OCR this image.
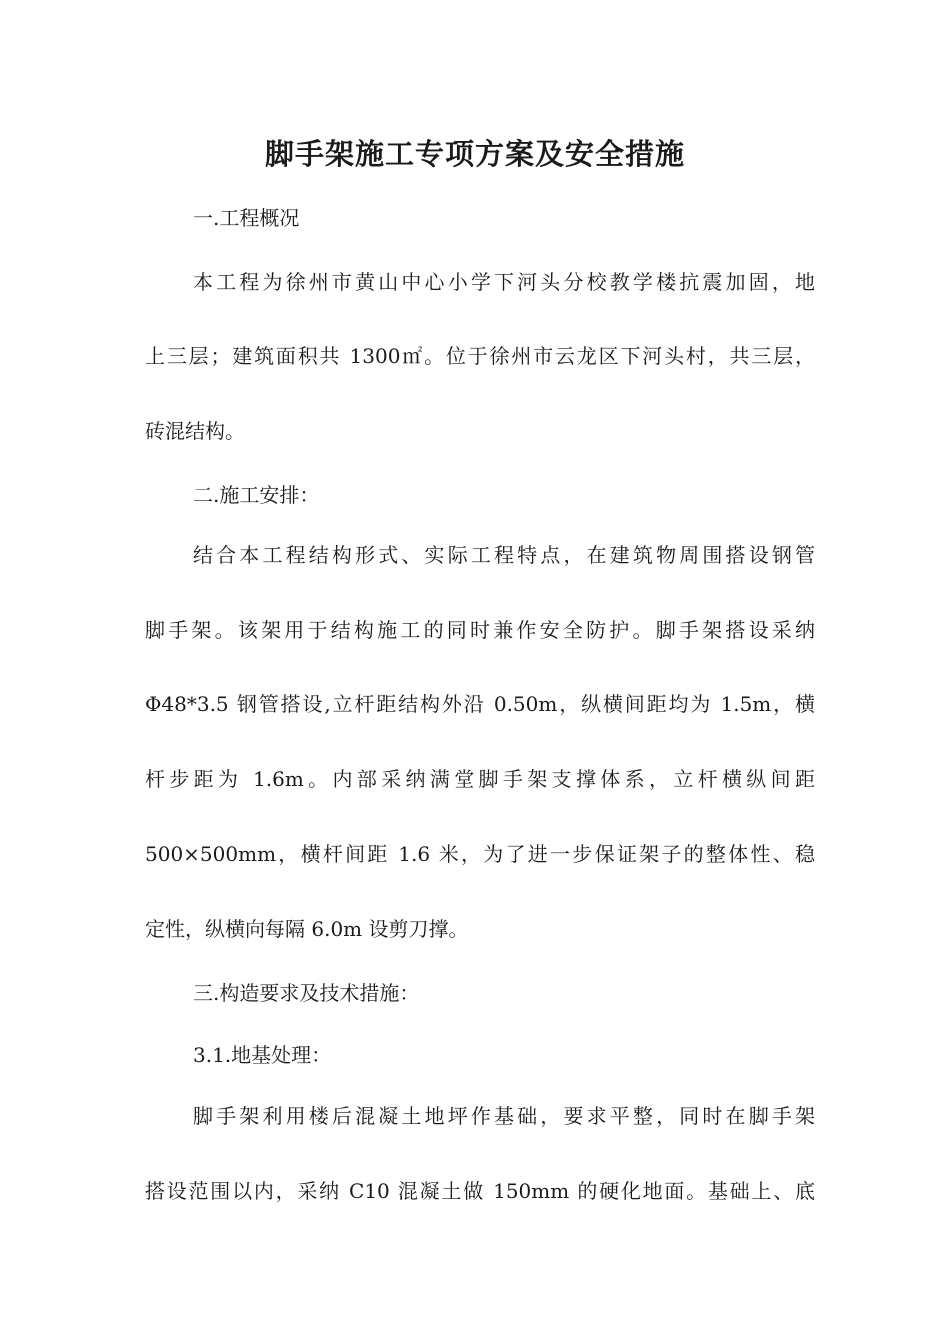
脚手架施工专项方案及安全措施

一.工程概况

本工程为徐州市黄山中心小学下河头分校教学楼抗震加固，地

上三层；建筑面积共 1300㎡。位于徐州市云龙区下河头村，共三层，

砖混结构。

二.施工安排：

结合本工程结构形式、实际工程特点，在建筑物周围搭设钢管

脚手架。该架用于结构施工的同时兼作安全防护。脚手架搭设采纳

Φ48*3.5 钢管搭设,立杆距结构外沿 0.50m，纵横间距均为 1.5m，横

杆步距为 1.6m。内部采纳满堂脚手架支撑体系，立杆横纵间距

500×500mm，横杆间距 1.6 米，为了进一步保证架子的整体性、稳

定性，纵横向每隔 6.0m 设剪刀撑。

三.构造要求及技术措施：

3.1.地基处理：

脚手架利用楼后混凝土地坪作基础，要求平整，同时在脚手架

搭设范围以内，采纳 C10 混凝土做 150mm 的硬化地面。基础上、底
